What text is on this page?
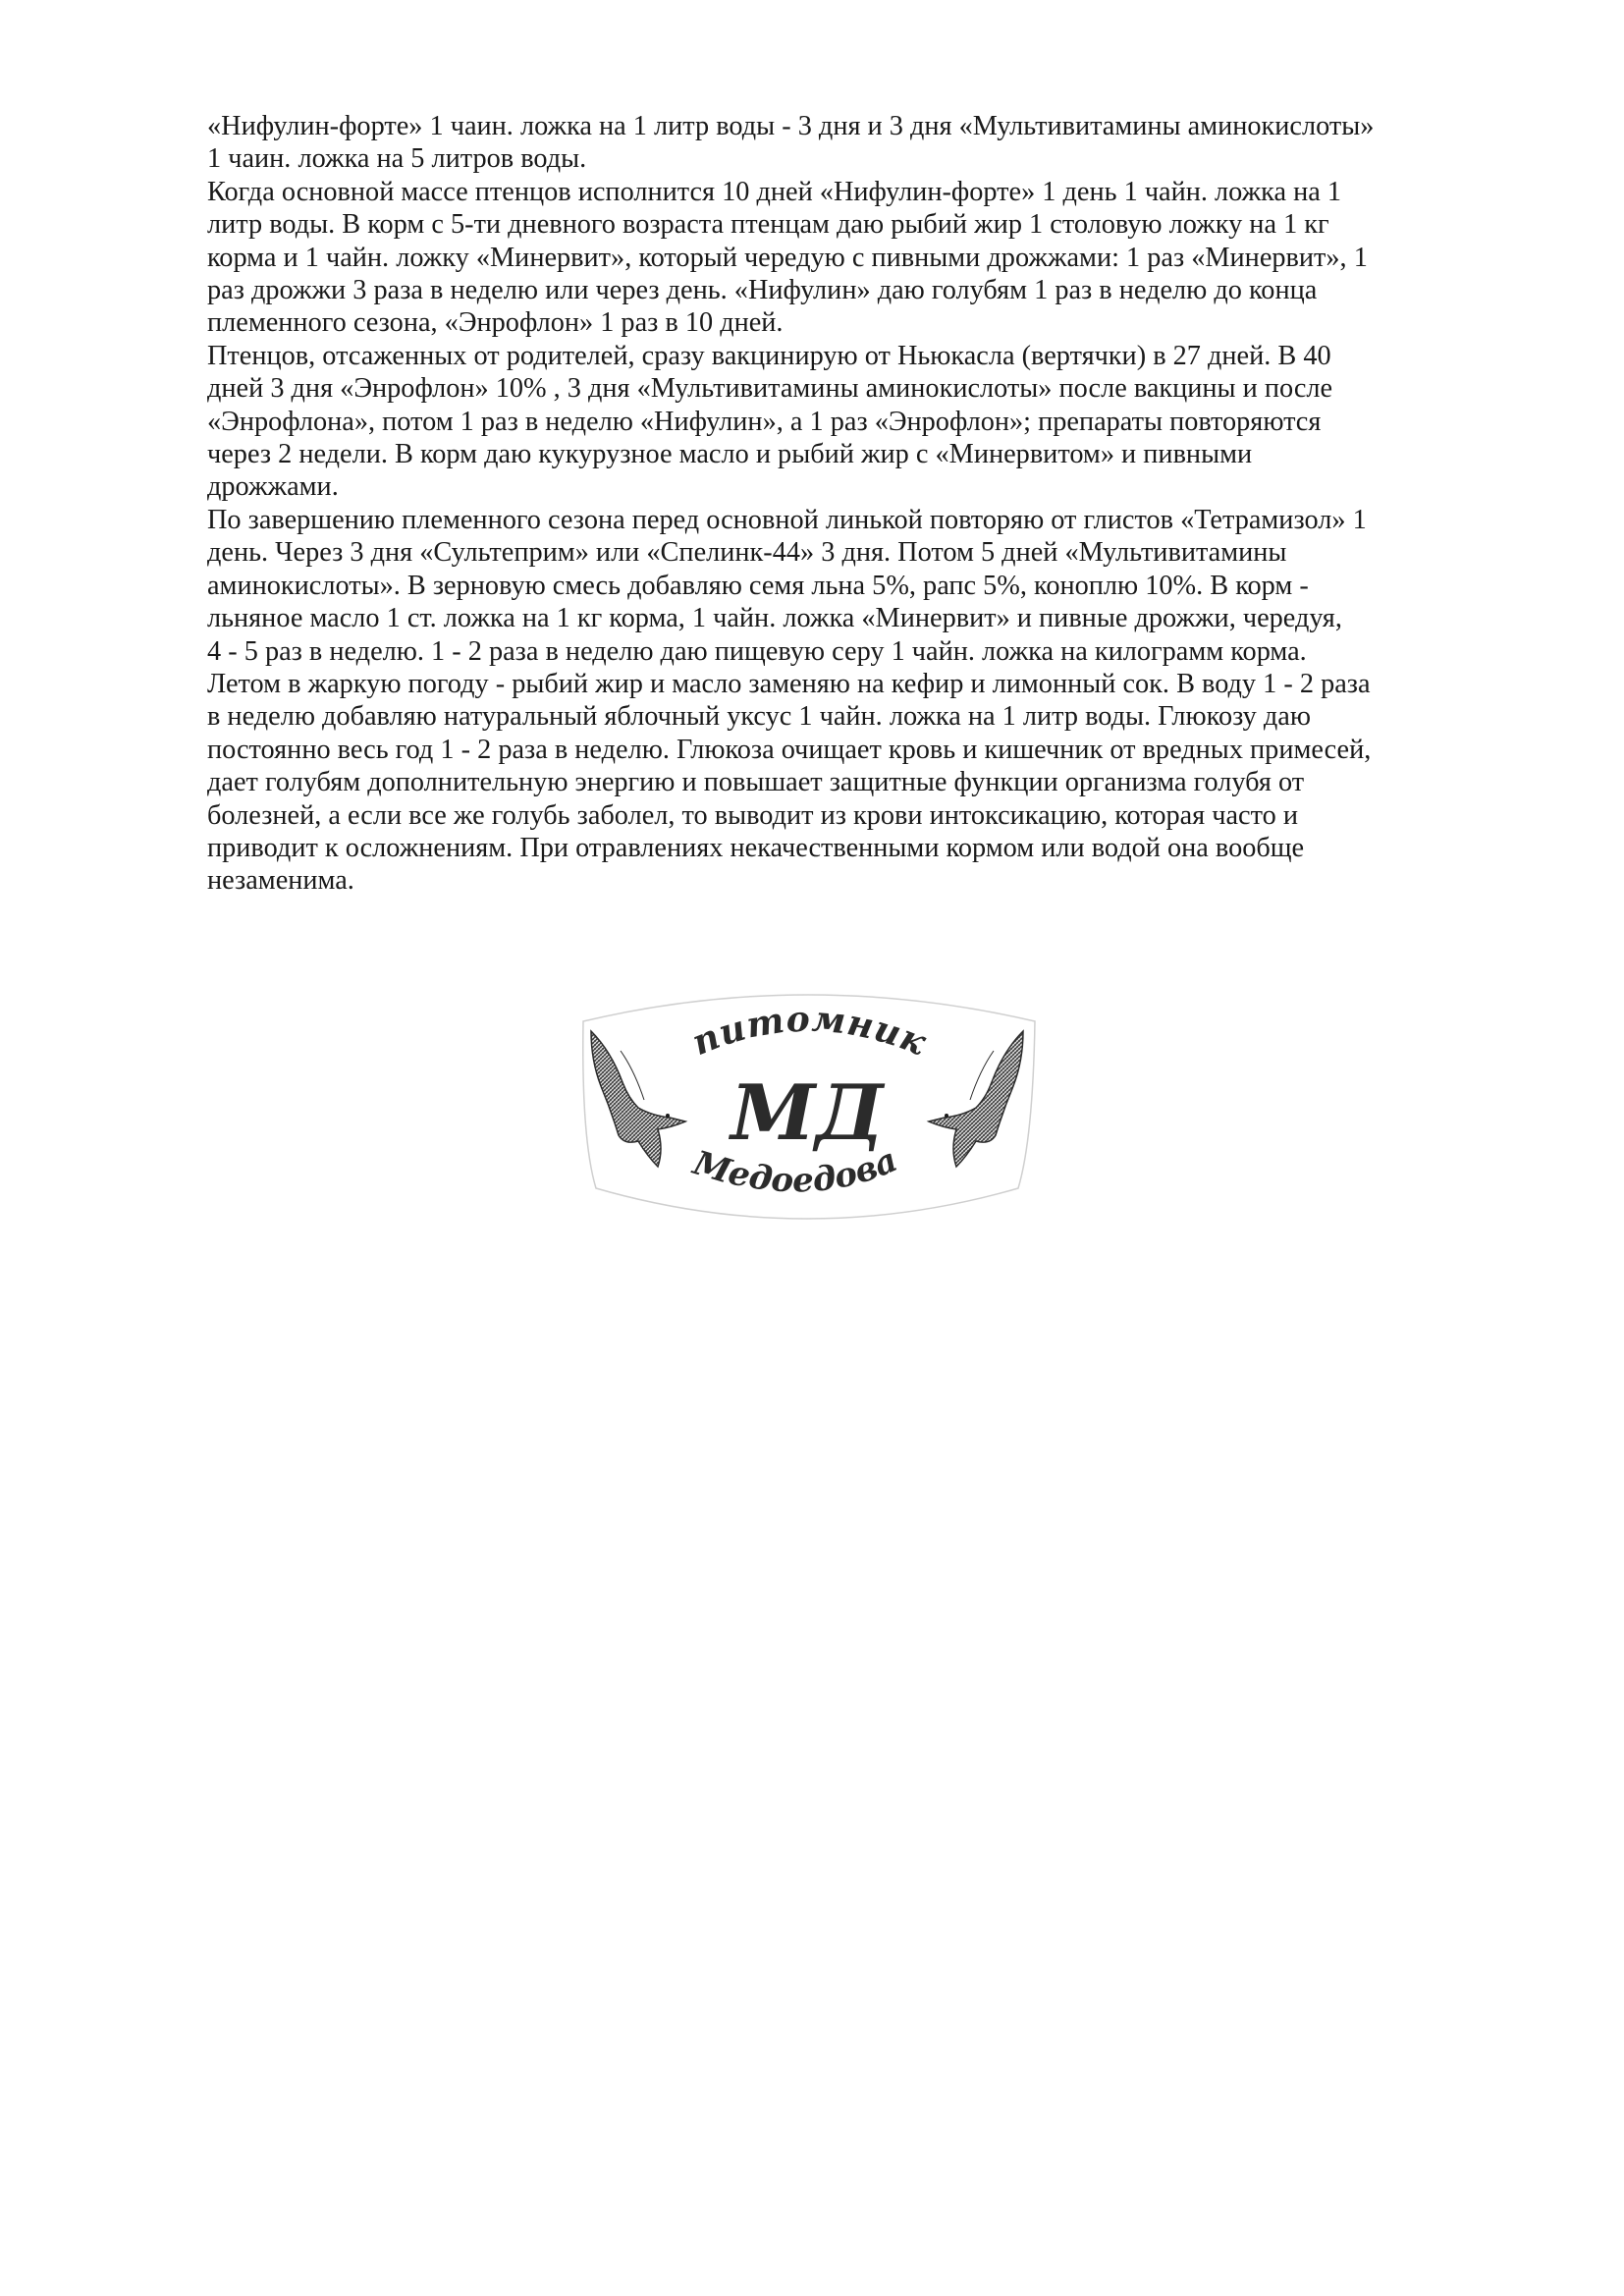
«Нифулин-форте» 1 чаин. ложка на 1 литр воды - 3 дня и 3 дня «Мультивитамины аминокислоты»
1 чаин. ложка на 5 литров воды.
Когда основной массе птенцов исполнится 10 дней «Нифулин-форте» 1 день 1 чайн. ложка на 1
литр воды. В корм с 5-ти дневного возраста птенцам даю рыбий жир 1 столовую ложку на 1 кг
корма и 1 чайн. ложку «Минервит», который чередую с пивными дрожжами: 1 раз «Минервит», 1
раз дрожжи 3 раза в неделю или через день. «Нифулин» даю голубям 1 раз в неделю до конца
племенного сезона, «Энрофлон» 1 раз в 10 дней.
Птенцов, отсаженных от родителей, сразу вакцинирую от Ньюкасла (вертячки) в 27 дней. В 40
дней 3 дня «Энрофлон» 10% , 3 дня «Мультивитамины аминокислоты» после вакцины и после
«Энрофлона», потом 1 раз в неделю «Нифулин», а 1 раз «Энрофлон»; препараты повторяются
через 2 недели. В корм даю кукурузное масло и рыбий жир с «Минервитом» и пивными
дрожжами.
По завершению племенного сезона перед основной линькой повторяю от глистов «Тетрамизол» 1
день. Через 3 дня «Сультеприм» или «Спелинк-44» 3 дня. Потом 5 дней «Мультивитамины
аминокислоты». В зерновую смесь добавляю семя льна 5%, рапс 5%, коноплю 10%. В корм -
льняное масло 1 ст. ложка на 1 кг корма, 1 чайн. ложка «Минервит» и пивные дрожжи, чередуя,
4 - 5 раз в неделю. 1 - 2 раза в неделю даю пищевую серу 1 чайн. ложка на килограмм корма.
Летом в жаркую погоду - рыбий жир и масло заменяю на кефир и лимонный сок. В воду 1 - 2 раза
в неделю добавляю натуральный яблочный уксус 1 чайн. ложка на 1 литр воды. Глюкозу даю
постоянно весь год 1 - 2 раза в неделю. Глюкоза очищает кровь и кишечник от вредных примесей,
дает голубям дополнительную энергию и повышает защитные функции организма голубя от
болезней, а если все же голубь заболел, то выводит из крови интоксикацию, которая часто и
приводит к осложнениям. При отравлениях некачественными кормом или водой она вообще
незаменима.
питомник
МД
Медоедова
